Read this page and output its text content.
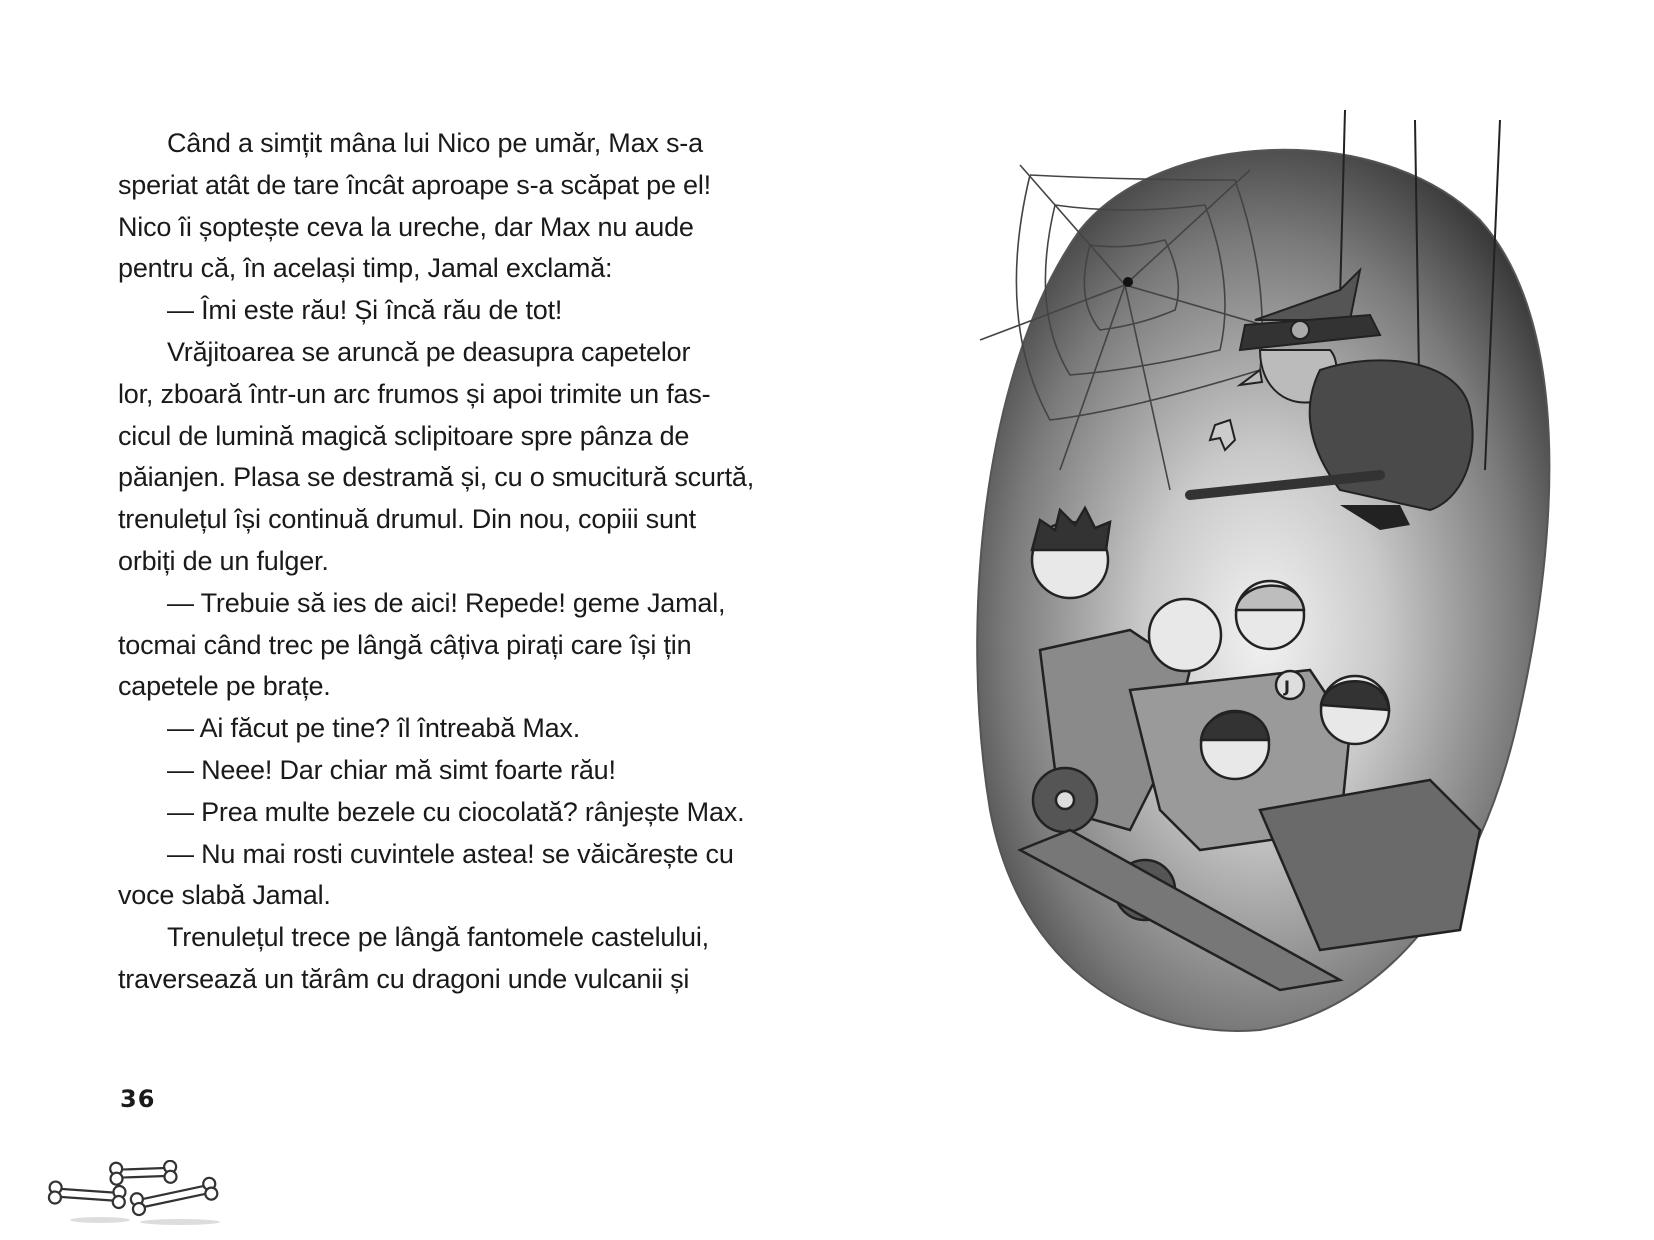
Când a simțit mâna lui Nico pe umăr, Max s-a
speriat atât de tare încât aproape s-a scăpat pe el!
Nico îi șoptește ceva la ureche, dar Max nu aude
pentru că, în același timp, Jamal exclamă:
— Îmi este rău! Și încă rău de tot!
Vrăjitoarea se aruncă pe deasupra capetelor
lor, zboară într-un arc frumos și apoi trimite un fas-
cicul de lumină magică sclipitoare spre pânza de
păianjen. Plasa se destramă și, cu o smucitură scurtă,
trenulețul își continuă drumul. Din nou, copiii sunt
orbiți de un fulger.
— Trebuie să ies de aici! Repede! geme Jamal,
tocmai când trec pe lângă câțiva pirați care își țin
capetele pe brațe.
— Ai făcut pe tine? îl întreabă Max.
— Neee! Dar chiar mă simt foarte rău!
— Prea multe bezele cu ciocolată? rânjește Max.
— Nu mai rosti cuvintele astea! se văicărește cu
voce slabă Jamal.
Trenulețul trece pe lângă fantomele castelului,
traversează un tărâm cu dragoni unde vulcanii și
36
J
